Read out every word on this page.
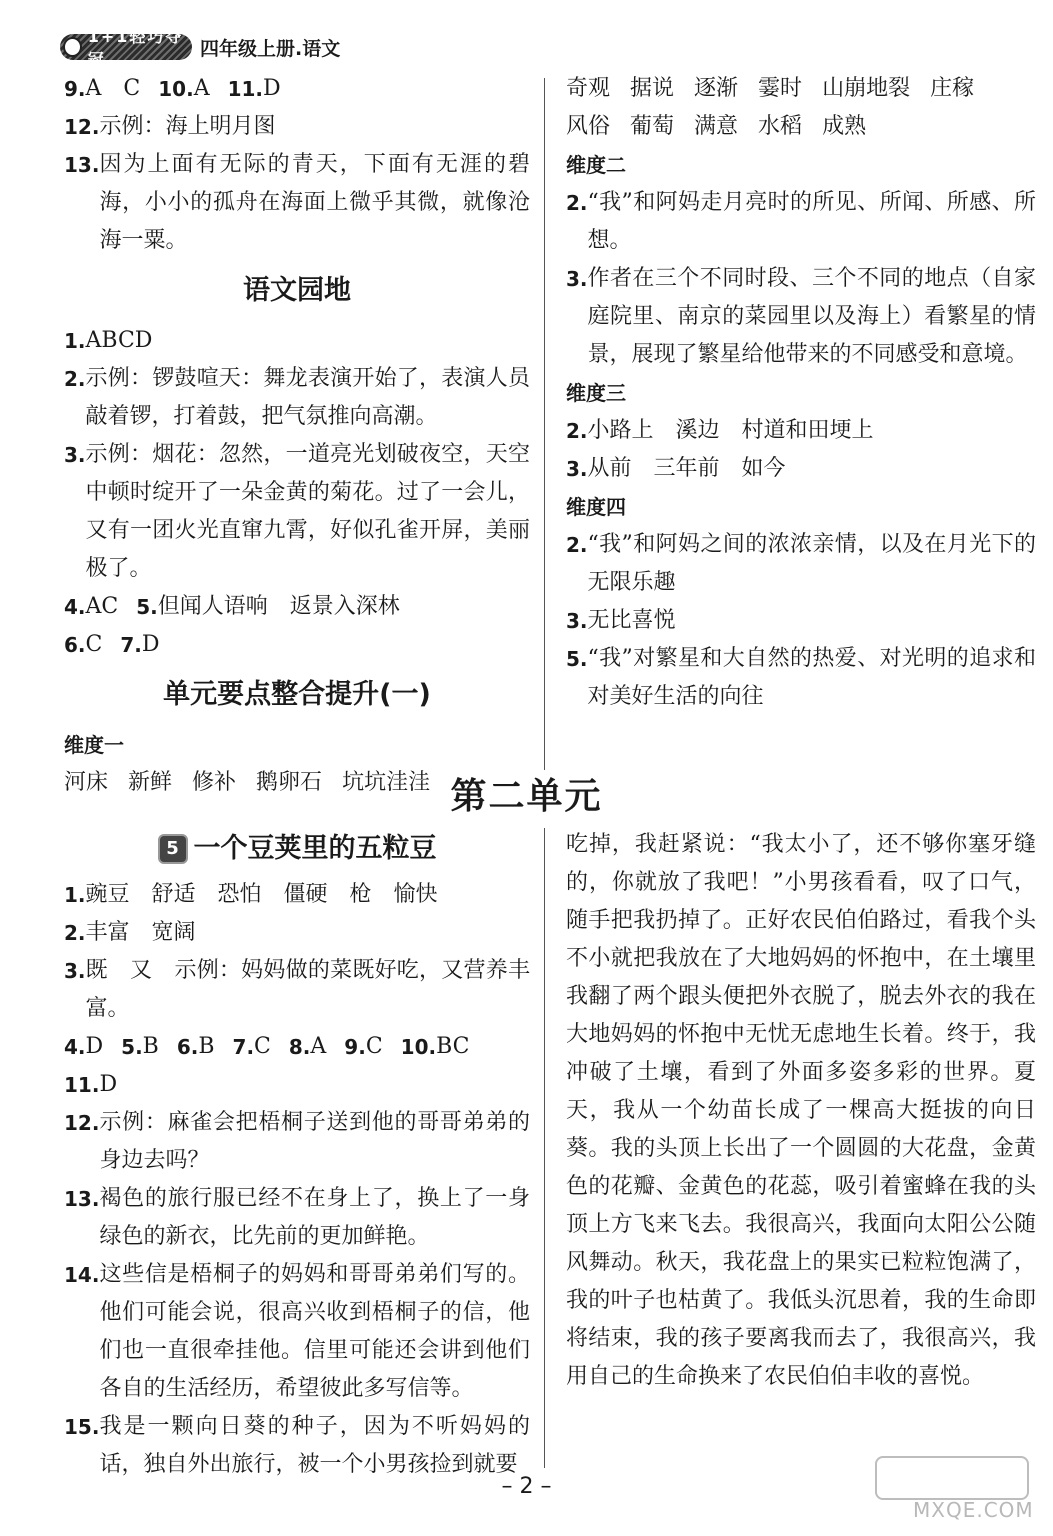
1+1轻巧夺冠	四年级上册.语文
9. A　C 10. A 11. D
12. 示例：海上明月图
13. 因为上面有无际的青天，下面有无涯的碧海，小小的孤舟在海面上微乎其微，就像沧海一粟。
语文园地
1. ABCD
2. 示例：锣鼓喧天：舞龙表演开始了，表演人员敲着锣，打着鼓，把气氛推向高潮。
3. 示例：烟花：忽然，一道亮光划破夜空，天空中顿时绽开了一朵金黄的菊花。过了一会儿，又有一团火光直窜九霄，好似孔雀开屏，美丽极了。
4. AC 5. 但闻人语响　返景入深林
6. C 7. D
单元要点整合提升(一)
维度一
河床 新鲜 修补 鹅卵石 坑坑洼洼
奇观 据说 逐渐 霎时 山崩地裂 庄稼
风俗 葡萄 满意 水稻 成熟
维度二
2. “我”和阿妈走月亮时的所见、所闻、所感、所想。
3. 作者在三个不同时段、三个不同的地点（自家庭院里、南京的菜园里以及海上）看繁星的情景，展现了繁星给他带来的不同感受和意境。
维度三
2. 小路上　溪边　村道和田埂上
3. 从前　三年前　如今
维度四
2. “我”和阿妈之间的浓浓亲情，以及在月光下的无限乐趣
3. 无比喜悦
5. “我”对繁星和大自然的热爱、对光明的追求和对美好生活的向往
第二单元
5 一个豆荚里的五粒豆
1. 豌豆　舒适　恐怕　僵硬　枪　愉快
2. 丰富　宽阔
3. 既　又　示例：妈妈做的菜既好吃，又营养丰富。
4. D 5. B 6. B 7. C 8. A 9. C 10. BC
11. D
12. 示例：麻雀会把梧桐子送到他的哥哥弟弟的身边去吗？
13. 褐色的旅行服已经不在身上了，换上了一身绿色的新衣，比先前的更加鲜艳。
14. 这些信是梧桐子的妈妈和哥哥弟弟们写的。他们可能会说，很高兴收到梧桐子的信，他们也一直很牵挂他。信里可能还会讲到他们各自的生活经历，希望彼此多写信等。
15. 我是一颗向日葵的种子，因为不听妈妈的话，独自外出旅行，被一个小男孩捡到就要
吃掉，我赶紧说：“我太小了，还不够你塞牙缝的，你就放了我吧！”小男孩看看，叹了口气，随手把我扔掉了。正好农民伯伯路过，看我个头不小就把我放在了大地妈妈的怀抱中，在土壤里我翻了两个跟头便把外衣脱了，脱去外衣的我在大地妈妈的怀抱中无忧无虑地生长着。终于，我冲破了土壤，看到了外面多姿多彩的世界。夏天，我从一个幼苗长成了一棵高大挺拔的向日葵。我的头顶上长出了一个圆圆的大花盘，金黄色的花瓣、金黄色的花蕊，吸引着蜜蜂在我的头顶上方飞来飞去。我很高兴，我面向太阳公公随风舞动。秋天，我花盘上的果实已粒粒饱满了，我的叶子也枯黄了。我低头沉思着，我的生命即将结束，我的孩子要离我而去了，我很高兴，我用自己的生命换来了农民伯伯丰收的喜悦。
– 2 –
MXQE.COM
